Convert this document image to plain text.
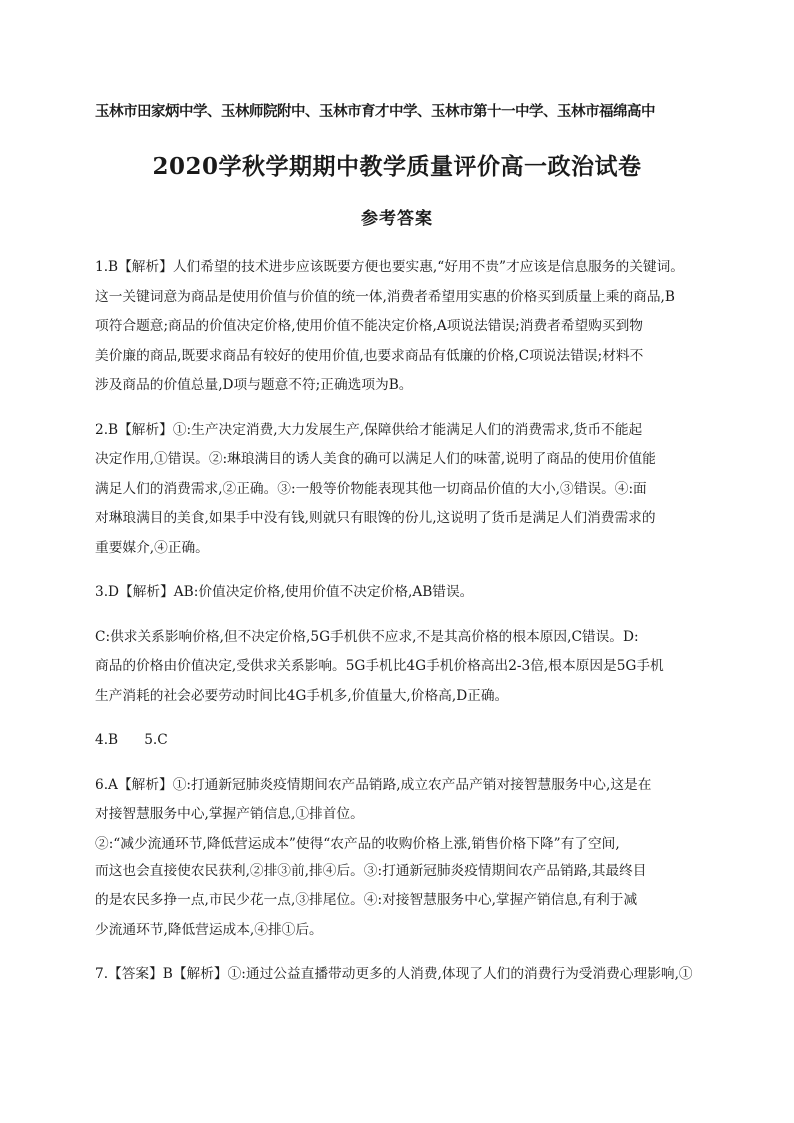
玉林市田家炳中学、玉林师院附中、玉林市育才中学、玉林市第十一中学、玉林市福绵高中
2020学秋学期期中教学质量评价高一政治试卷
参考答案
1.B【解析】人们希望的技术进步应该既要方便也要实惠,“好用不贵”才应该是信息服务的关键词。
这一关键词意为商品是使用价值与价值的统一体,消费者希望用实惠的价格买到质量上乘的商品,B
项符合题意;商品的价值决定价格,使用价值不能决定价格,A项说法错误;消费者希望购买到物
美价廉的商品,既要求商品有较好的使用价值,也要求商品有低廉的价格,C项说法错误;材料不
涉及商品的价值总量,D项与题意不符;正确选项为B。
2.B【解析】①:生产决定消费,大力发展生产,保障供给才能满足人们的消费需求,货币不能起
决定作用,①错误。②:琳琅满目的诱人美食的确可以满足人们的味蕾,说明了商品的使用价值能
满足人们的消费需求,②正确。③:一般等价物能表现其他一切商品价值的大小,③错误。④:面
对琳琅满目的美食,如果手中没有钱,则就只有眼馋的份儿,这说明了货币是满足人们消费需求的
重要媒介,④正确。
3.D【解析】AB:价值决定价格,使用价值不决定价格,AB错误。
C:供求关系影响价格,但不决定价格,5G手机供不应求,不是其高价格的根本原因,C错误。D:
商品的价格由价值决定,受供求关系影响。5G手机比4G手机价格高出2-3倍,根本原因是5G手机
生产消耗的社会必要劳动时间比4G手机多,价值量大,价格高,D正确。
4.B      5.C
6.A【解析】①:打通新冠肺炎疫情期间农产品销路,成立农产品产销对接智慧服务中心,这是在
对接智慧服务中心,掌握产销信息,①排首位。
②:“减少流通环节,降低营运成本”使得“农产品的收购价格上涨,销售价格下降”有了空间,
而这也会直接使农民获利,②排③前,排④后。③:打通新冠肺炎疫情期间农产品销路,其最终目
的是农民多挣一点,市民少花一点,③排尾位。④:对接智慧服务中心,掌握产销信息,有利于减
少流通环节,降低营运成本,④排①后。
7.【答案】B【解析】①:通过公益直播带动更多的人消费,体现了人们的消费行为受消费心理影响,①
